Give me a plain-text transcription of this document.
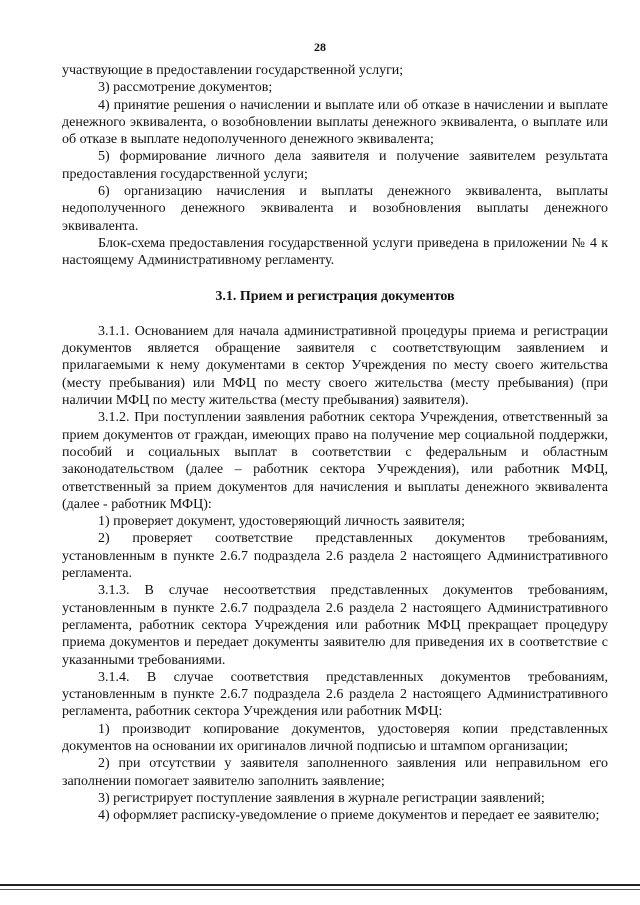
28

участвующие в предоставлении государственной услуги;

3) рассмотрение документов;

4) принятие решения о начислении и выплате или об отказе в начислении и выплате денежного эквивалента, о возобновлении выплаты денежного эквивалента, о выплате или об отказе в выплате недополученного денежного эквивалента;

5) формирование личного дела заявителя и получение заявителем результата предоставления государственной услуги;

6) организацию начисления и выплаты денежного эквивалента, выплаты недополученного денежного эквивалента и возобновления выплаты денежного эквивалента.

Блок-схема предоставления государственной услуги приведена в приложении № 4 к настоящему Административному регламенту.

3.1. Прием и регистрация документов

3.1.1. Основанием для начала административной процедуры приема и регистрации документов является обращение заявителя с соответствующим заявлением и прилагаемыми к нему документами в сектор Учреждения по месту своего жительства (месту пребывания) или МФЦ по месту своего жительства (месту пребывания) (при наличии МФЦ по месту жительства (месту пребывания) заявителя).

3.1.2. При поступлении заявления работник сектора Учреждения, ответственный за прием документов от граждан, имеющих право на получение мер социальной поддержки, пособий и социальных выплат в соответствии с федеральным и областным законодательством (далее – работник сектора Учреждения), или работник МФЦ, ответственный за прием документов для начисления и выплаты денежного эквивалента (далее - работник МФЦ):

1) проверяет документ, удостоверяющий личность заявителя;

2) проверяет соответствие представленных документов требованиям, установленным в пункте 2.6.7 подраздела 2.6 раздела 2 настоящего Административного регламента.

3.1.3. В случае несоответствия представленных документов требованиям, установленным в пункте 2.6.7 подраздела 2.6 раздела 2 настоящего Административного регламента, работник сектора Учреждения или работник МФЦ прекращает процедуру приема документов и передает документы заявителю для приведения их в соответствие с указанными требованиями.

3.1.4. В случае соответствия представленных документов требованиям, установленным в пункте 2.6.7 подраздела 2.6 раздела 2 настоящего Административного регламента, работник сектора Учреждения или работник МФЦ:

1) производит копирование документов, удостоверяя копии представленных документов на основании их оригиналов личной подписью и штампом организации;

2) при отсутствии у заявителя заполненного заявления или неправильном его заполнении помогает заявителю заполнить заявление;

3) регистрирует поступление заявления в журнале регистрации заявлений;

4) оформляет расписку-уведомление о приеме документов и передает ее заявителю;
